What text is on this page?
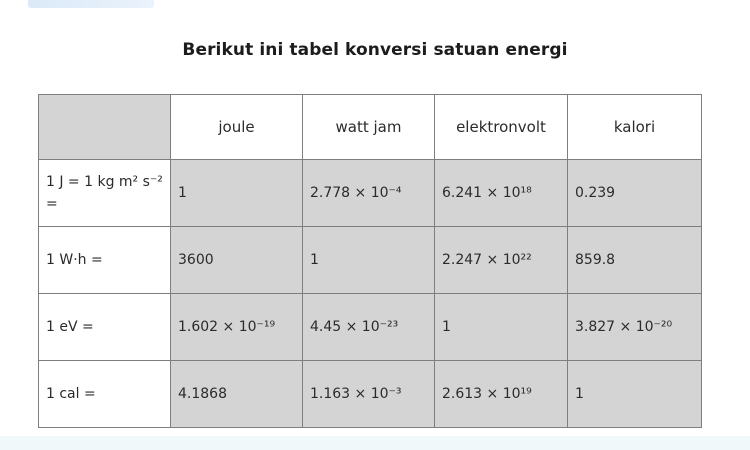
Berikut ini tabel konversi satuan energi
	joule	watt jam	elektronvolt	kalori
1 J = 1 kg m² s⁻² =	1	2.778 × 10⁻⁴	6.241 × 10¹⁸	0.239
1 W·h =	3600	1	2.247 × 10²²	859.8
1 eV =	1.602 × 10⁻¹⁹	4.45 × 10⁻²³	1	3.827 × 10⁻²⁰
1 cal =	4.1868	1.163 × 10⁻³	2.613 × 10¹⁹	1
